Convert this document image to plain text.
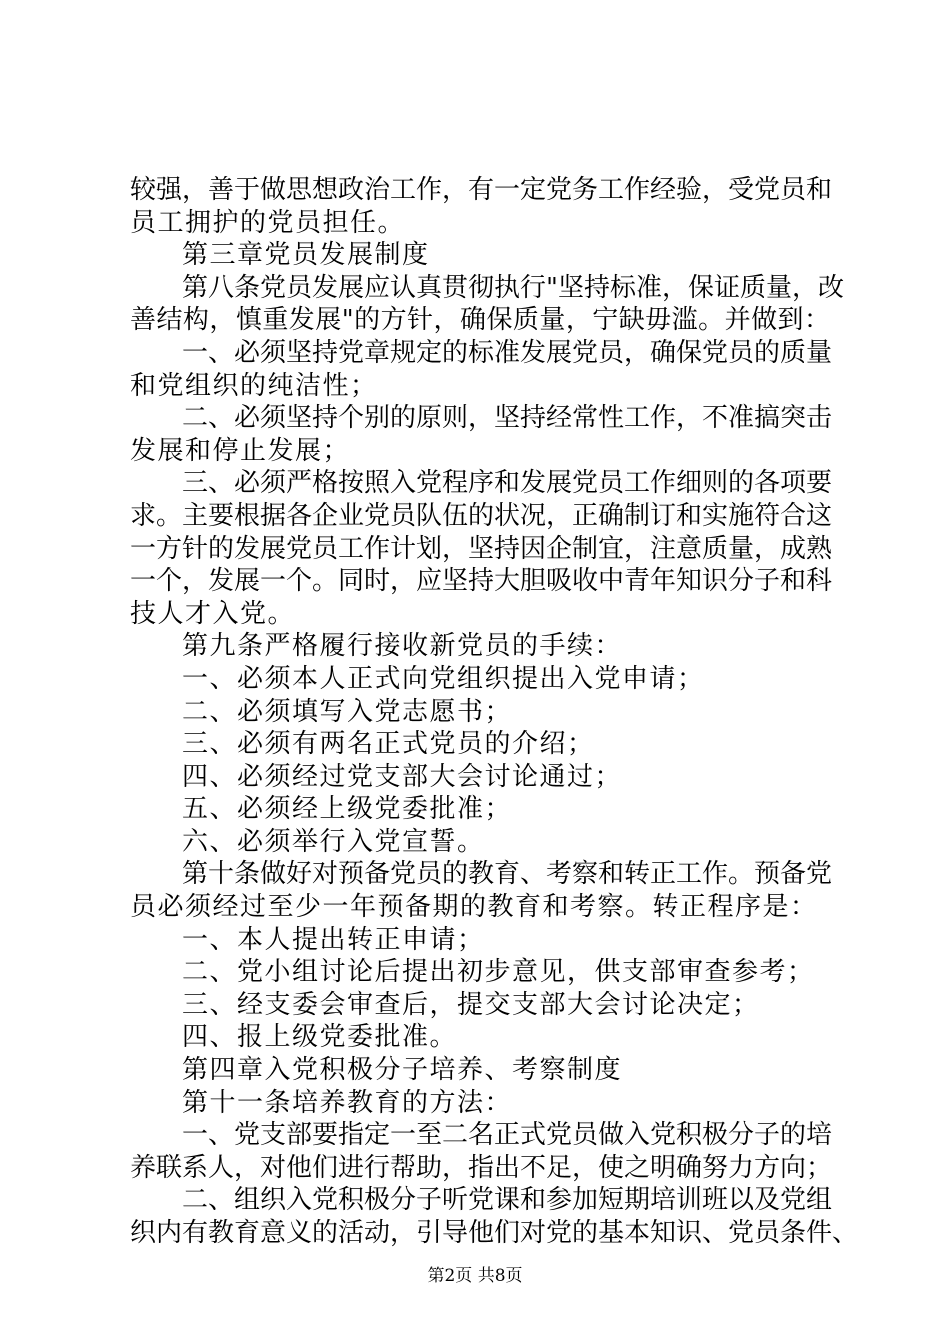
较强，善于做思想政治工作，有一定党务工作经验，受党员和
员工拥护的党员担任。
第三章党员发展制度
第八条党员发展应认真贯彻执行"坚持标准，保证质量，改
善结构，慎重发展"的方针，确保质量，宁缺毋滥。并做到：
一、必须坚持党章规定的标准发展党员，确保党员的质量
和党组织的纯洁性；
二、必须坚持个别的原则，坚持经常性工作，不准搞突击
发展和停止发展；
三、必须严格按照入党程序和发展党员工作细则的各项要
求。主要根据各企业党员队伍的状况，正确制订和实施符合这
一方针的发展党员工作计划，坚持因企制宜，注意质量，成熟
一个，发展一个。同时，应坚持大胆吸收中青年知识分子和科
技人才入党。
第九条严格履行接收新党员的手续：
一、必须本人正式向党组织提出入党申请；
二、必须填写入党志愿书；
三、必须有两名正式党员的介绍；
四、必须经过党支部大会讨论通过；
五、必须经上级党委批准；
六、必须举行入党宣誓。
第十条做好对预备党员的教育、考察和转正工作。预备党
员必须经过至少一年预备期的教育和考察。转正程序是：
一、本人提出转正申请；
二、党小组讨论后提出初步意见，供支部审查参考；
三、经支委会审查后，提交支部大会讨论决定；
四、报上级党委批准。
第四章入党积极分子培养、考察制度
第十一条培养教育的方法：
一、党支部要指定一至二名正式党员做入党积极分子的培
养联系人，对他们进行帮助，指出不足，使之明确努力方向；
二、组织入党积极分子听党课和参加短期培训班以及党组
织内有教育意义的活动，引导他们对党的基本知识、党员条件、
第2页 共8页
